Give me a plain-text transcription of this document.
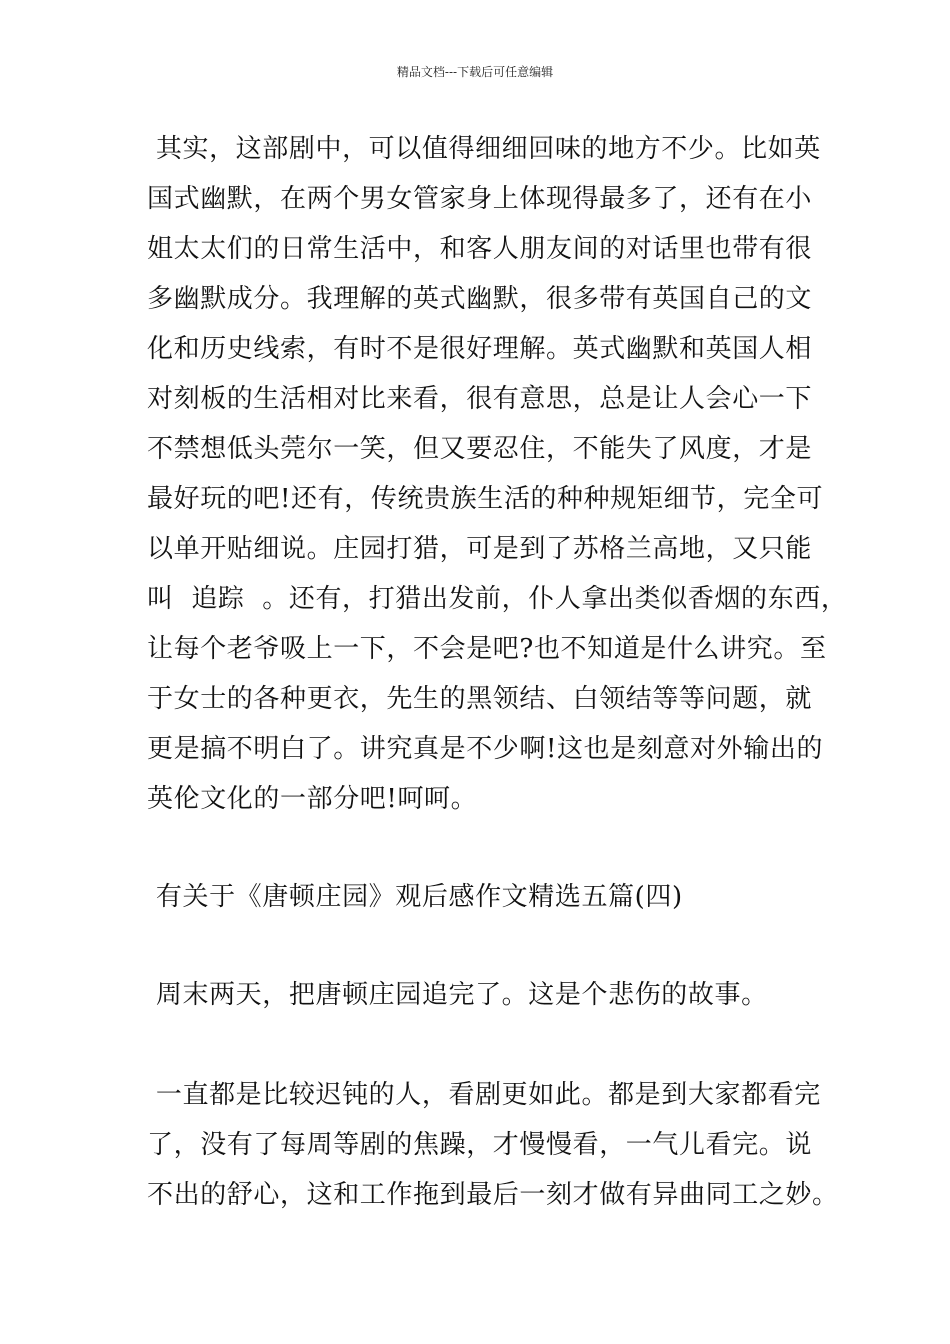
精品文档---下载后可任意编辑
其实，这部剧中，可以值得细细回味的地方不少。比如英
国式幽默，在两个男女管家身上体现得最多了，还有在小
姐太太们的日常生活中，和客人朋友间的对话里也带有很
多幽默成分。我理解的英式幽默，很多带有英国自己的文
化和历史线索，有时不是很好理解。英式幽默和英国人相
对刻板的生活相对比来看，很有意思，总是让人会心一下
不禁想低头莞尔一笑，但又要忍住，不能失了风度，才是
最好玩的吧!还有，传统贵族生活的种种规矩细节，完全可
以单开贴细说。庄园打猎，可是到了苏格兰高地，又只能
叫  追踪  。还有，打猎出发前，仆人拿出类似香烟的东西，
让每个老爷吸上一下，不会是吧?也不知道是什么讲究。至
于女士的各种更衣，先生的黑领结、白领结等等问题，就
更是搞不明白了。讲究真是不少啊!这也是刻意对外输出的
英伦文化的一部分吧!呵呵。
有关于《唐顿庄园》观后感作文精选五篇(四)
周末两天，把唐顿庄园追完了。这是个悲伤的故事。
一直都是比较迟钝的人，看剧更如此。都是到大家都看完
了，没有了每周等剧的焦躁，才慢慢看，一气儿看完。说
不出的舒心，这和工作拖到最后一刻才做有异曲同工之妙。
